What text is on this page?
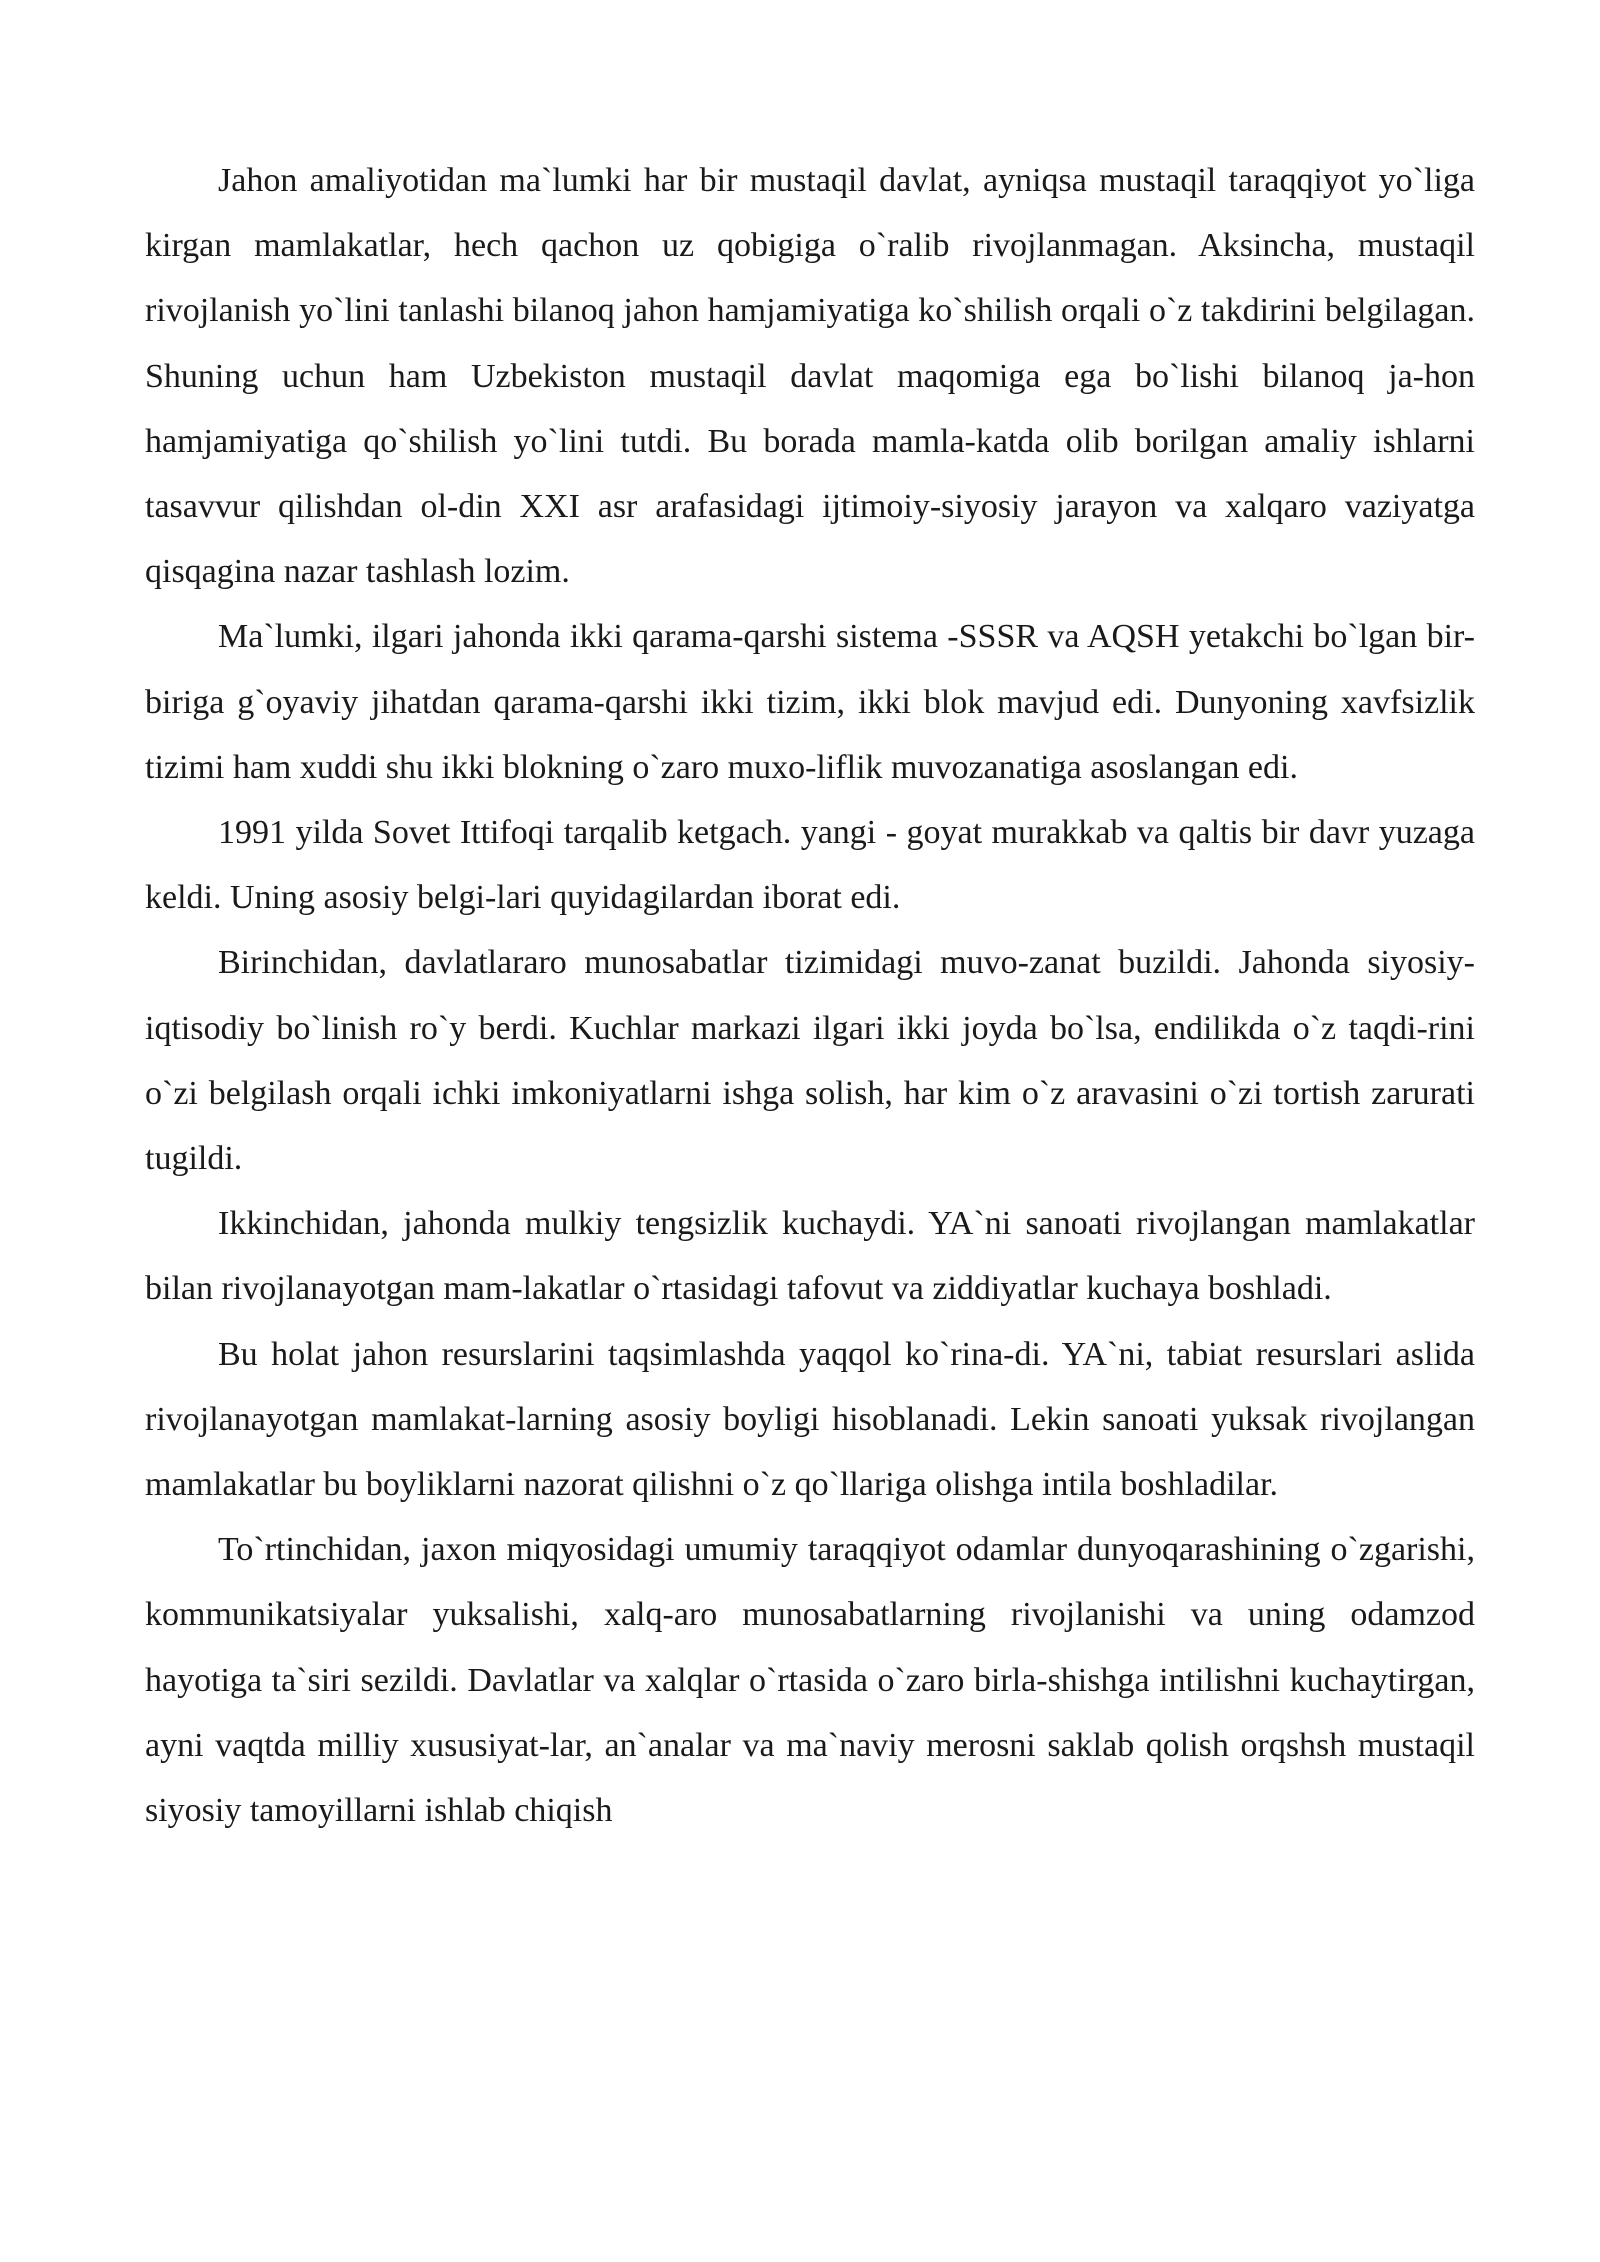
Jahon amaliyotidan ma`lumki har bir mustaqil davlat, ayniqsa mustaqil taraqqiyot yo`liga kirgan mamlakatlar, hech qachon uz qobigiga o`ralib rivojlanmagan. Aksincha, mustaqil rivojlanish yo`lini tanlashi bilanoq jahon hamjamiyatiga ko`shilish orqali o`z takdirini belgilagan. Shuning uchun ham Uzbekiston mustaqil davlat maqomiga ega bo`lishi bilanoq ja-hon hamjamiyatiga qo`shilish yo`lini tutdi. Bu borada mamla-katda olib borilgan amaliy ishlarni tasavvur qilishdan ol-din XXI asr arafasidagi ijtimoiy-siyosiy jarayon va xalqaro vaziyatga qisqagina nazar tashlash lozim.

Ma`lumki, ilgari jahonda ikki qarama-qarshi sistema -SSSR va AQSH yetakchi bo`lgan bir-biriga g`oyaviy jihatdan qarama-qarshi ikki tizim, ikki blok mavjud edi. Dunyoning xavfsizlik tizimi ham xuddi shu ikki blokning o`zaro muxo-liflik muvozanatiga asoslangan edi.

1991 yilda Sovet Ittifoqi tarqalib ketgach. yangi - goyat murakkab va qaltis bir davr yuzaga keldi. Uning asosiy belgi-lari quyidagilardan iborat edi.

Birinchidan, davlatlararo munosabatlar tizimidagi muvo-zanat buzildi. Jahonda siyosiy-iqtisodiy bo`linish ro`y berdi. Kuchlar markazi ilgari ikki joyda bo`lsa, endilikda o`z taqdi-rini o`zi belgilash orqali ichki imkoniyatlarni ishga solish, har kim o`z aravasini o`zi tortish zarurati tugildi.

Ikkinchidan, jahonda mulkiy tengsizlik kuchaydi. YA`ni sanoati rivojlangan mamlakatlar bilan rivojlanayotgan mam-lakatlar o`rtasidagi tafovut va ziddiyatlar kuchaya boshladi.

Bu holat jahon resurslarini taqsimlashda yaqqol ko`rina-di. YA`ni, tabiat resurslari aslida rivojlanayotgan mamlakat-larning asosiy boyligi hisoblanadi. Lekin sanoati yuksak rivojlangan mamlakatlar bu boyliklarni nazorat qilishni o`z qo`llariga olishga intila boshladilar.

To`rtinchidan, jaxon miqyosidagi umumiy taraqqiyot odamlar dunyoqarashining o`zgarishi, kommunikatsiyalar yuksalishi, xalq-aro munosabatlarning rivojlanishi va uning odamzod hayotiga ta`siri sezildi. Davlatlar va xalqlar o`rtasida o`zaro birla-shishga intilishni kuchaytirgan, ayni vaqtda milliy xususiyat-lar, an`analar va ma`naviy merosni saklab qolish orqshsh mustaqil siyosiy tamoyillarni ishlab chiqish
